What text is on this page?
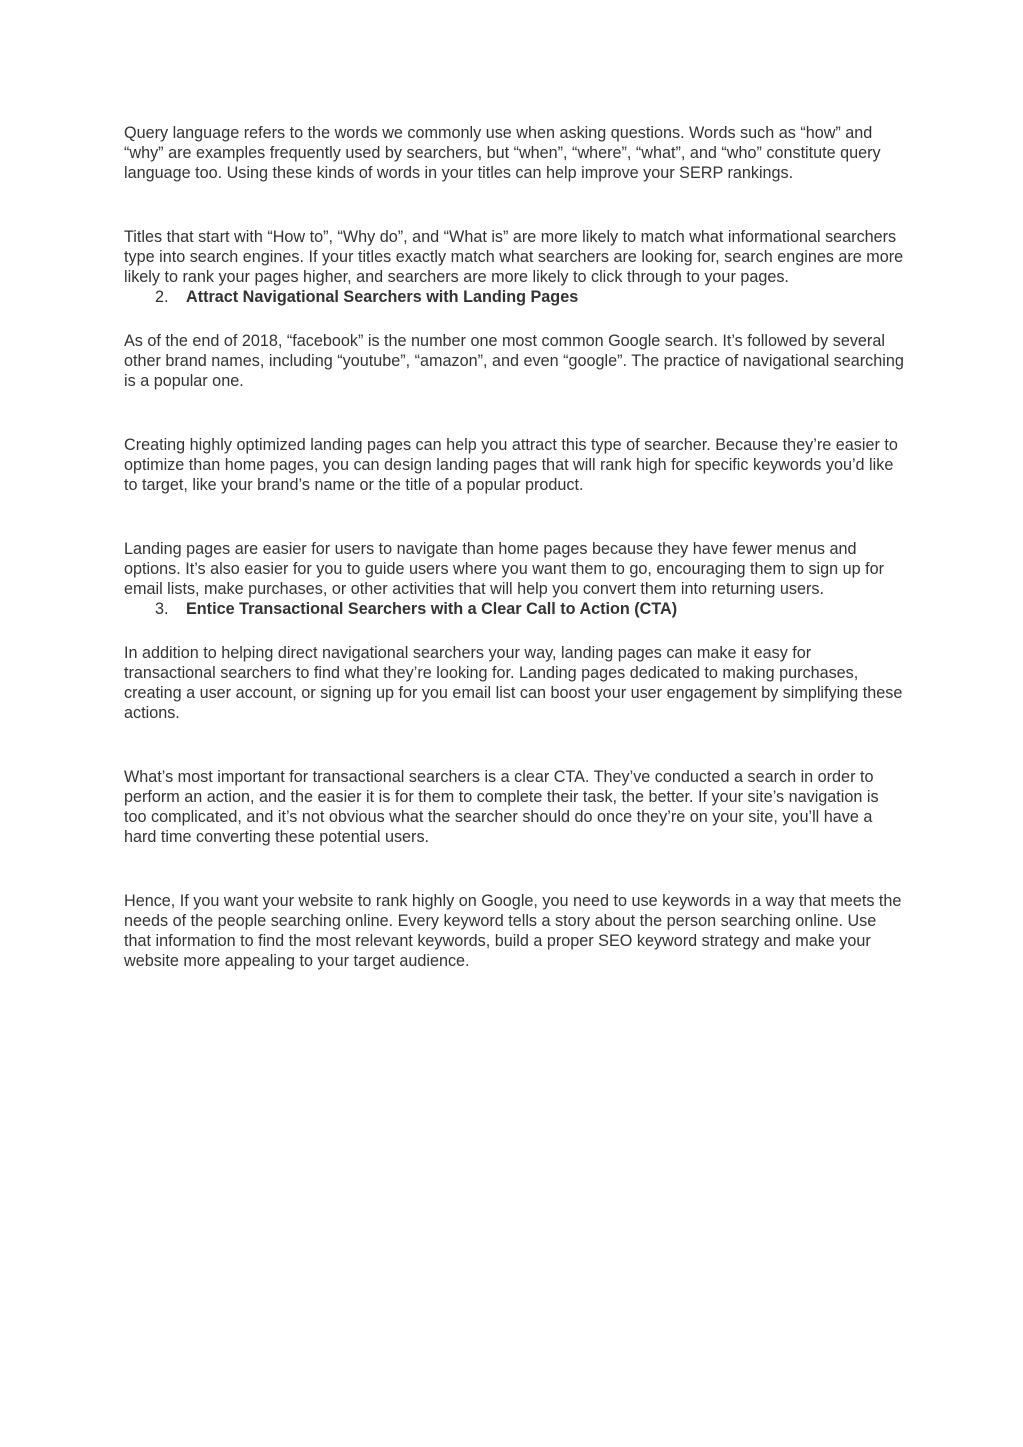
Query language refers to the words we commonly use when asking questions. Words such as “how” and “why” are examples frequently used by searchers, but “when”, “where”, “what”, and “who” constitute query language too. Using these kinds of words in your titles can help improve your SERP rankings.

Titles that start with “How to”, “Why do”, and “What is” are more likely to match what informational searchers type into search engines. If your titles exactly match what searchers are looking for, search engines are more likely to rank your pages higher, and searchers are more likely to click through to your pages.

2.	Attract Navigational Searchers with Landing Pages

As of the end of 2018, “facebook” is the number one most common Google search. It’s followed by several other brand names, including “youtube”, “amazon”, and even “google”. The practice of navigational searching is a popular one.

Creating highly optimized landing pages can help you attract this type of searcher. Because they’re easier to optimize than home pages, you can design landing pages that will rank high for specific keywords you’d like to target, like your brand’s name or the title of a popular product.

Landing pages are easier for users to navigate than home pages because they have fewer menus and options. It’s also easier for you to guide users where you want them to go, encouraging them to sign up for email lists, make purchases, or other activities that will help you convert them into returning users.

3.	Entice Transactional Searchers with a Clear Call to Action (CTA)

In addition to helping direct navigational searchers your way, landing pages can make it easy for transactional searchers to find what they’re looking for. Landing pages dedicated to making purchases, creating a user account, or signing up for you email list can boost your user engagement by simplifying these actions.

What’s most important for transactional searchers is a clear CTA. They’ve conducted a search in order to perform an action, and the easier it is for them to complete their task, the better. If your site’s navigation is too complicated, and it’s not obvious what the searcher should do once they’re on your site, you’ll have a hard time converting these potential users.

Hence, If you want your website to rank highly on Google, you need to use keywords in a way that meets the needs of the people searching online. Every keyword tells a story about the person searching online. Use that information to find the most relevant keywords, build a proper SEO keyword strategy and make your website more appealing to your target audience.
